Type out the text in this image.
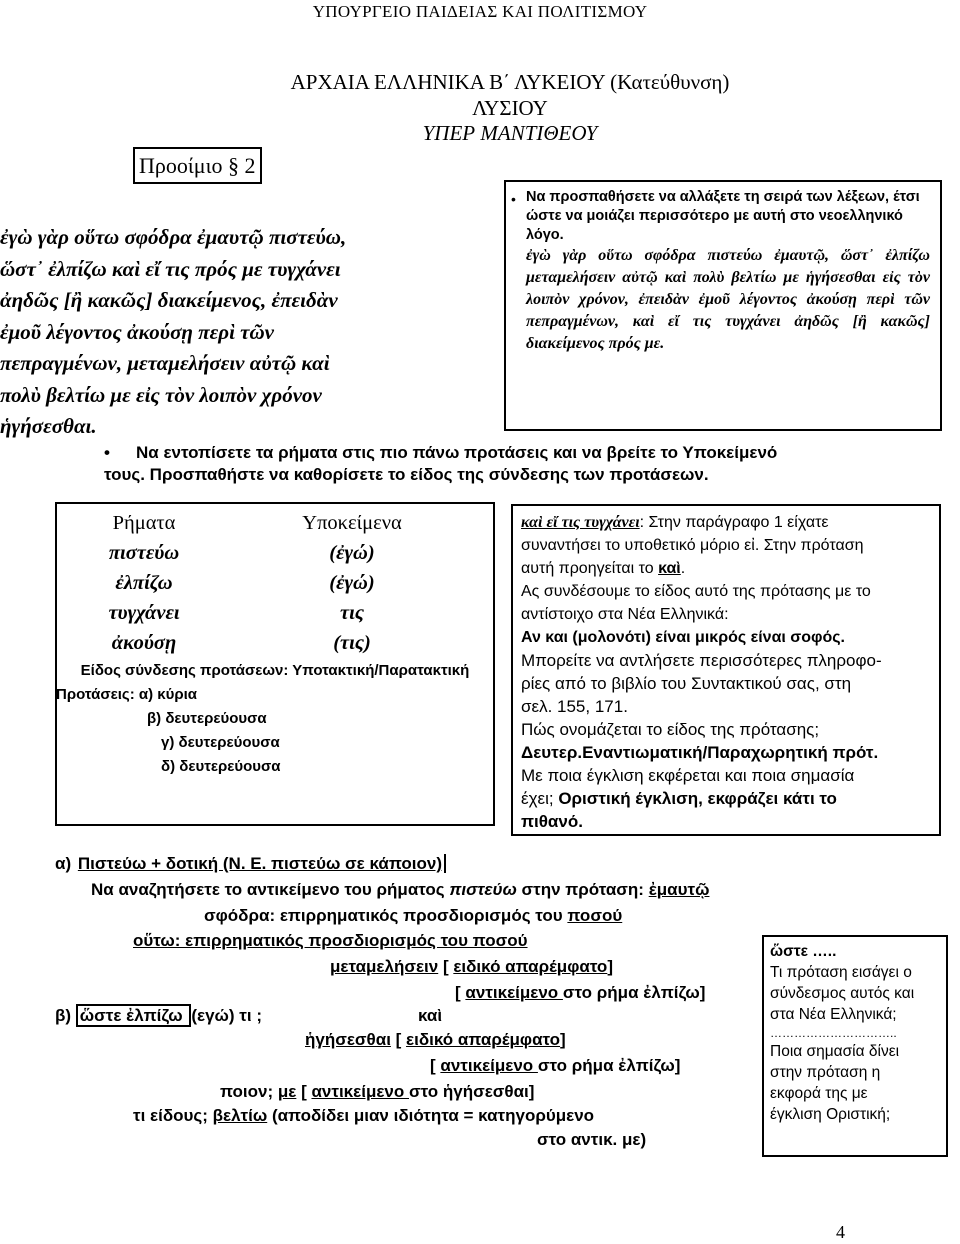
ΥΠΟΥΡΓΕΙΟ ΠΑΙΔΕΙΑΣ ΚΑΙ ΠΟΛΙΤΙΣΜΟΥ
ΑΡΧΑΙΑ ΕΛΛΗΝΙΚΑ Β΄ ΛΥΚΕΙΟΥ (Κατεύθυνση)
ΛΥΣΙΟΥ
ΥΠΕΡ ΜΑΝΤΙΘΕΟΥ
Προοίμιο § 2

ἐγὼ γὰρ οὕτω σφόδρα ἐμαυτῷ πιστεύω,

ὥστ᾽ ἐλπίζω καὶ εἴ τις πρός με τυγχάνει

ἀηδῶς [ἢ κακῶς] διακείμενος, ἐπειδὰν

ἐμοῦ λέγοντος ἀκούσῃ περὶ τῶν

πεπραγμένων, μεταμελήσειν αὐτῷ καὶ

πολὺ βελτίω με εἰς τὸν λοιπὸν χρόνον

ἡγήσεσθαι.

• Να προσπαθήσετε να αλλάξετε τη σειρά των λέξεων, έτσι ώστε να μοιάζει περισσότερο με αυτή στο νεοελληνικό λόγο.
ἐγὼ γὰρ οὕτω σφόδρα πιστεύω ἐμαυτῷ, ὥστ᾽ ἐλπίζω μεταμελήσειν αὐτῷ καὶ πολὺ βελτίω με ἡγήσεσθαι εἰς τὸν λοιπὸν χρόνον, ἐπειδὰν ἐμοῦ λέγοντος ἀκούσῃ περὶ τῶν πεπραγμένων, καὶ εἴ τις τυγχάνει ἀηδῶς [ἢ κακῶς] διακείμενος πρός με.
• Να εντοπίσετε τα ρήματα στις πιο πάνω προτάσεις και να βρείτε το Υποκείμενό
τους. Προσπαθήστε να καθορίσετε το είδος της σύνδεσης των προτάσεων.
Ρήματα	Υποκείμενα
πιστεύω	(ἐγώ)
ἐλπίζω	(ἐγώ)
τυγχάνει	τις
ἀκούσῃ	(τις)
Είδος σύνδεσης προτάσεων: Υποτακτική/Παρατακτική
Προτάσεις: α) κύρια
β) δευτερεύουσα
γ) δευτερεύουσα
δ) δευτερεύουσα
καὶ εἴ τις τυγχάνει: Στην παράγραφο 1 είχατε
συναντήσει το υποθετικό μόριο εἰ. Στην πρόταση
αυτή προηγείται το καὶ.
Ας συνδέσουμε το είδος αυτό της πρότασης με το
αντίστοιχο στα Νέα Ελληνικά:
Αν και (μολονότι) είναι μικρός είναι σοφός.
Μπορείτε να αντλήσετε περισσότερες πληροφο-
ρίες από το βιβλίο του Συντακτικού σας, στη
σελ. 155, 171.
Πώς ονομάζεται το είδος της πρότασης;
Δευτερ.Εναντιωματική/Παραχωρητική πρότ.
Με ποια έγκλιση εκφέρεται και ποια σημασία
έχει; Οριστική έγκλιση, εκφράζει κάτι το
πιθανό.
α) Πιστεύω + δοτική (Ν. Ε. πιστεύω σε κάποιον)
Να αναζητήσετε το αντικείμενο του ρήματος πιστεύω στην πρόταση: ἐμαυτῷ
σφόδρα: επιρρηματικός προσδιορισμός του ποσού
οὕτω: επιρρηματικός προσδιορισμός του ποσού
μεταμελήσειν [ ειδικό απαρέμφατο]
[ αντικείμενο στο ρήμα ἐλπίζω]
β) ὥστε ἐλπίζω (εγώ) τι ;	καὶ
ἡγήσεσθαι [ ειδικό απαρέμφατο]
[ αντικείμενο στο ρήμα ἐλπίζω]
ποιον; με [ αντικείμενο στο ἡγήσεσθαι]
τι είδους; βελτίω (αποδίδει μιαν ιδιότητα = κατηγορύμενο
στο αντικ. με)
ὥστε …..
Τι πρόταση εισάγει ο
σύνδεσμος αυτός και
στα Νέα Ελληνικά;
…………………………..
Ποια σημασία δίνει
στην πρόταση η
εκφορά της με
έγκλιση Οριστική;
4
